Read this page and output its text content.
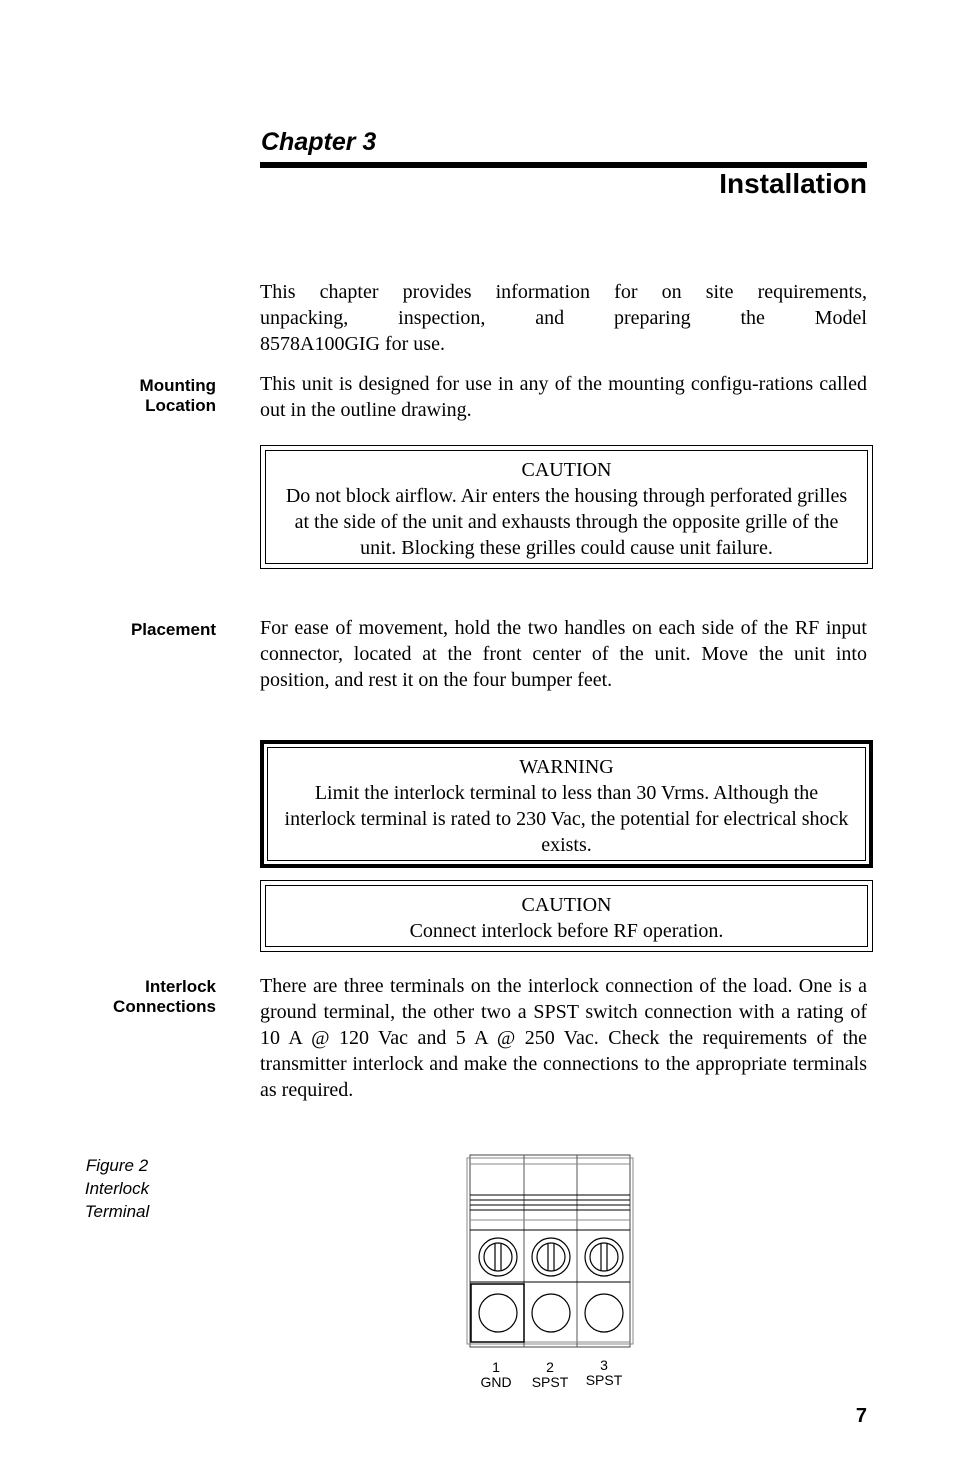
Chapter 3
Installation
This chapter provides information for on site requirements,
unpacking, inspection, and preparing the Model
8578A100GIG for use.
Mounting
Location
This unit is designed for use in any of the mounting configu-rations called out in the outline drawing.
CAUTION
Do not block airflow. Air enters the housing through perforated grilles at the side of the unit and exhausts through the opposite grille of the unit. Blocking these grilles could cause unit failure.
Placement For ease of movement, hold the two handles on each side of the RF input connector, located at the front center of the unit. Move the unit into position, and rest it on the four bumper feet.
WARNING
Limit the interlock terminal to less than 30 Vrms. Although the interlock terminal is rated to 230 Vac, the potential for electrical shock exists.
CAUTION
Connect interlock before RF operation.
Interlock
Connections
There are three terminals on the interlock connection of the load. One is a ground terminal, the other two a SPST switch connection with a rating of 10 A @ 120 Vac and 5 A @ 250 Vac. Check the requirements of the transmitter interlock and make the connections to the appropriate terminals as required.
Figure 2
Interlock
Terminal
1
GND
2
SPST
3
SPST
7
